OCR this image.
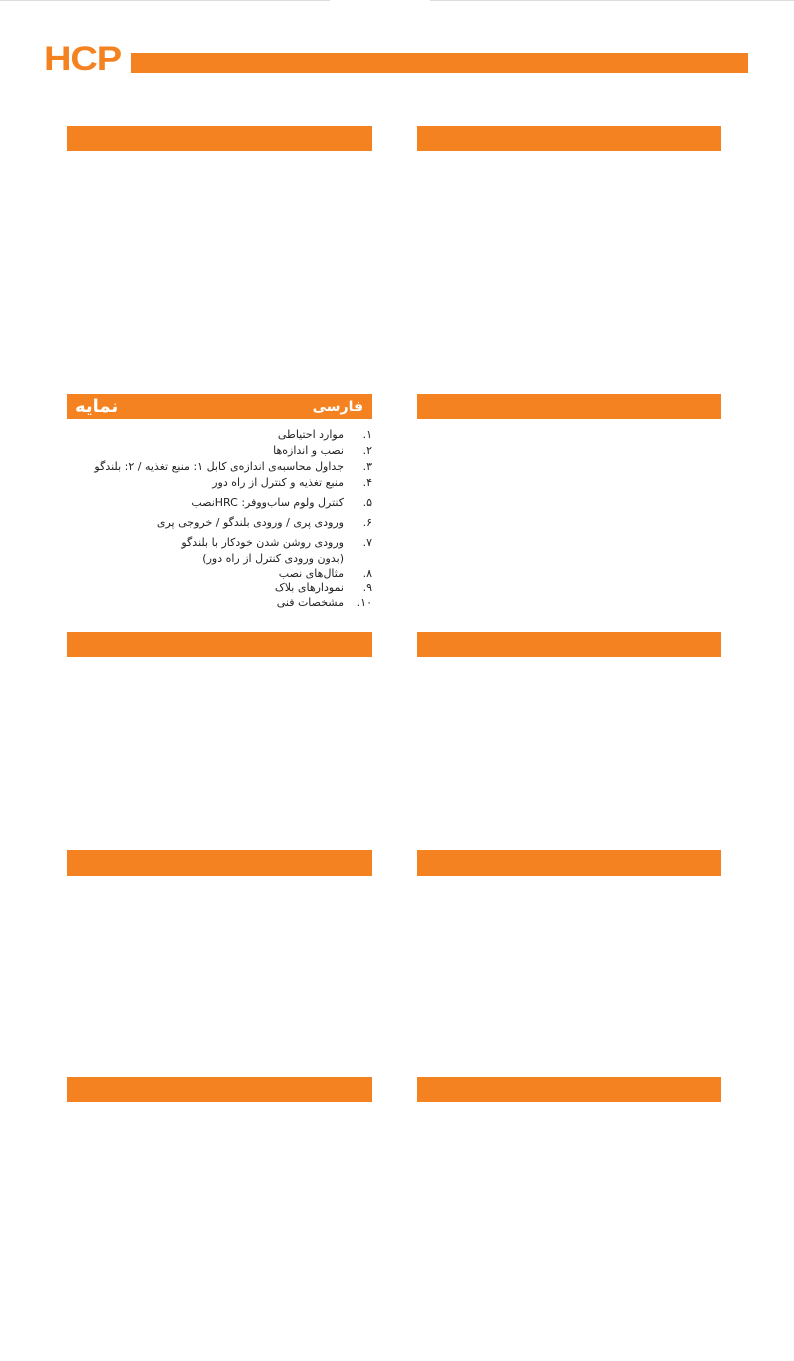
HCP
نمایه	فارسی
۱.
موارد احتیاطی
۲.
نصب و اندازه‌ها
۳.
جداول محاسبه‌ی اندازه‌ی کابل ۱: منبع تغذیه / ۲: بلندگو
۴.
منبع تغذیه و کنترل از راه دور
۵.
کنترل ولوم ساب‌ووفر: HRCنصب
۶.
ورودی پری / ورودی بلندگو / خروجی پری
۷.
ورودی روشن شدن خودکار با بلندگو
(بدون ورودی کنترل از راه دور)
۸.
مثال‌های نصب
۹.
نمودارهای بلاک
۱۰.
مشخصات فنی
